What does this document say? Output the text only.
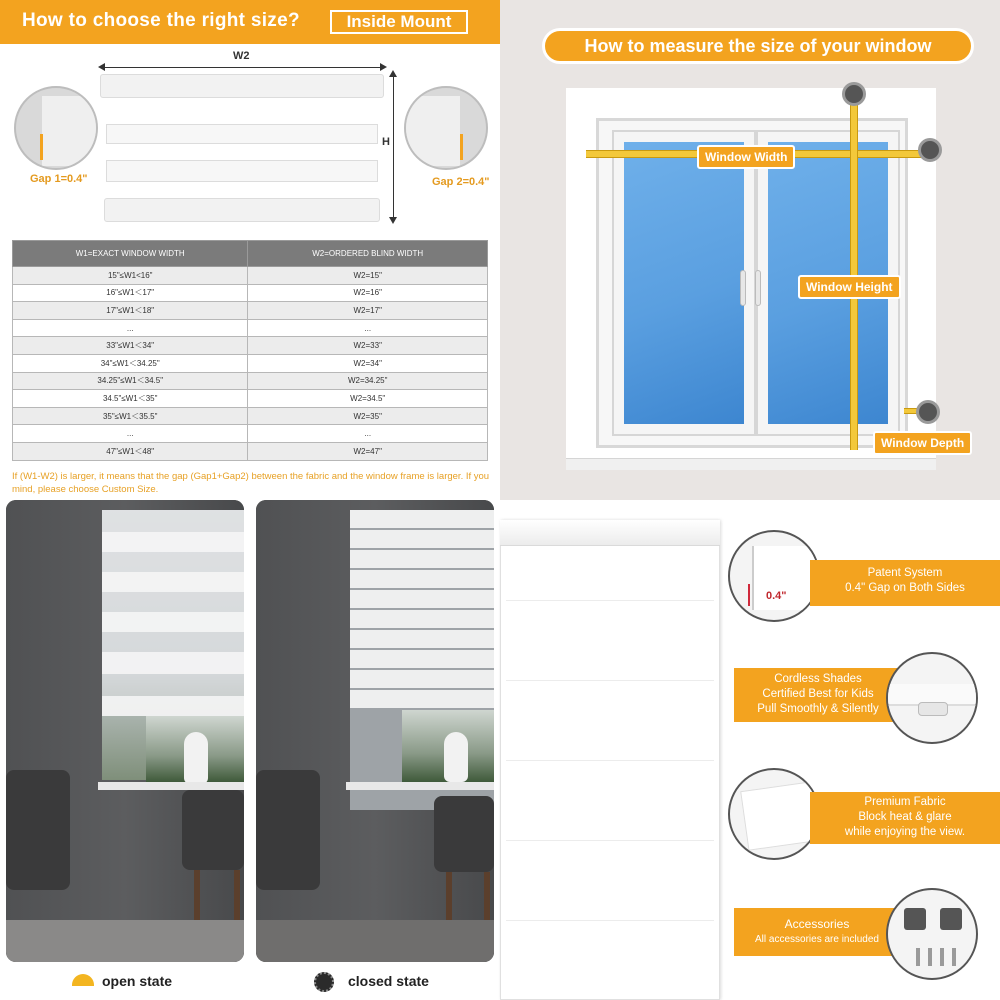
How to choose the right size?	Inside Mount
W2
H
Gap 1=0.4"	Gap 2=0.4"
W1=EXACT WINDOW WIDTH	W2=ORDERED BLIND WIDTH
15"≤W1<16"	W2=15"
16"≤W1＜17"	W2=16"
17"≤W1＜18"	W2=17"
...	...
33"≤W1＜34"	W2=33"
34"≤W1＜34.25"	W2=34"
34.25"≤W1＜34.5"	W2=34.25"
34.5"≤W1＜35"	W2=34.5"
35"≤W1＜35.5"	W2=35"
...	...
47"≤W1＜48"	W2=47"
If (W1-W2) is larger, it means that the gap (Gap1+Gap2) between the fabric and the window frame is larger. If you mind, please choose Custom Size.
How to measure the size of your window
Window Width
Window Height
Window Depth
open state	closed state
0.4"
Patent System
0.4" Gap on Both Sides
Cordless Shades
Certified Best for Kids
Pull Smoothly & Silently
Premium Fabric
Block heat & glare
while enjoying the view.
Accessories
All accessories are included
